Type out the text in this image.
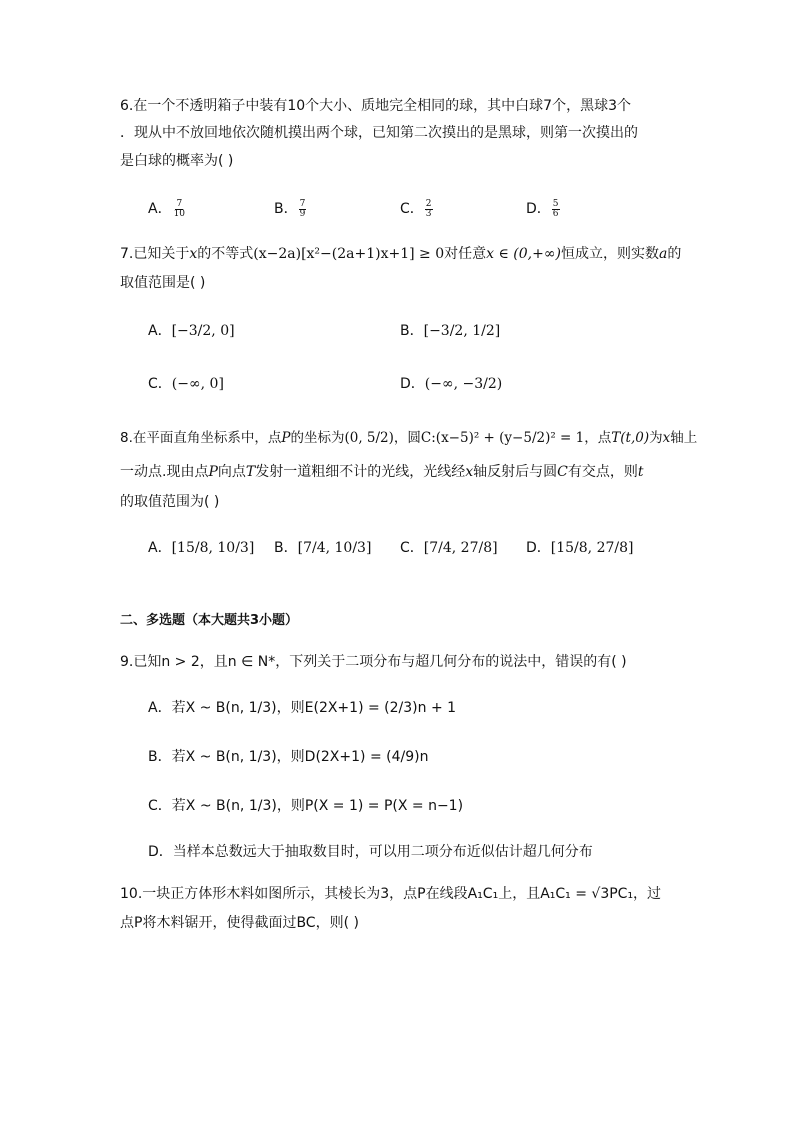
6.在一个不透明箱子中装有10个大小、质地完全相同的球，其中白球7个，黑球3个
．现从中不放回地依次随机摸出两个球，已知第二次摸出的是黑球，则第一次摸出的
是白球的概率为( )
A． $\frac{7}{10}$	B． $\frac{7}{9}$	C． $\frac{2}{3}$	D． $\frac{5}{6}$
7.已知关于x的不等式(x−2a)[x²−(2a+1)x+1] ≥ 0对任意x ∈ (0,+∞)恒成立，则实数a的
取值范围是( )
A．[−3/2, 0]	B．[−3/2, 1/2]
C．(−∞, 0]	D．(−∞, −3/2)
8.在平面直角坐标系中，点P的坐标为(0, 5/2)，圆C:(x−5)² + (y−5/2)² = 1，点T(t,0)为x轴上
一动点.现由点P向点T发射一道粗细不计的光线，光线经x轴反射后与圆C有交点，则t
的取值范围为( )
A．[15/8, 10/3] B．[7/4, 10/3] C．[7/4, 27/8] D．[15/8, 27/8]
二、多选题（本大题共3小题）
9.已知n > 2，且n ∈ N*，下列关于二项分布与超几何分布的说法中，错误的有( )
A．若X ~ B(n, 1/3)，则E(2X+1) = (2/3)n + 1
B．若X ~ B(n, 1/3)，则D(2X+1) = (4/9)n
C．若X ~ B(n, 1/3)，则P(X = 1) = P(X = n−1)
D．当样本总数远大于抽取数目时，可以用二项分布近似估计超几何分布
10.一块正方体形木料如图所示，其棱长为3，点P在线段A₁C₁上，且A₁C₁ = √3PC₁，过
点P将木料锯开，使得截面过BC，则( )
